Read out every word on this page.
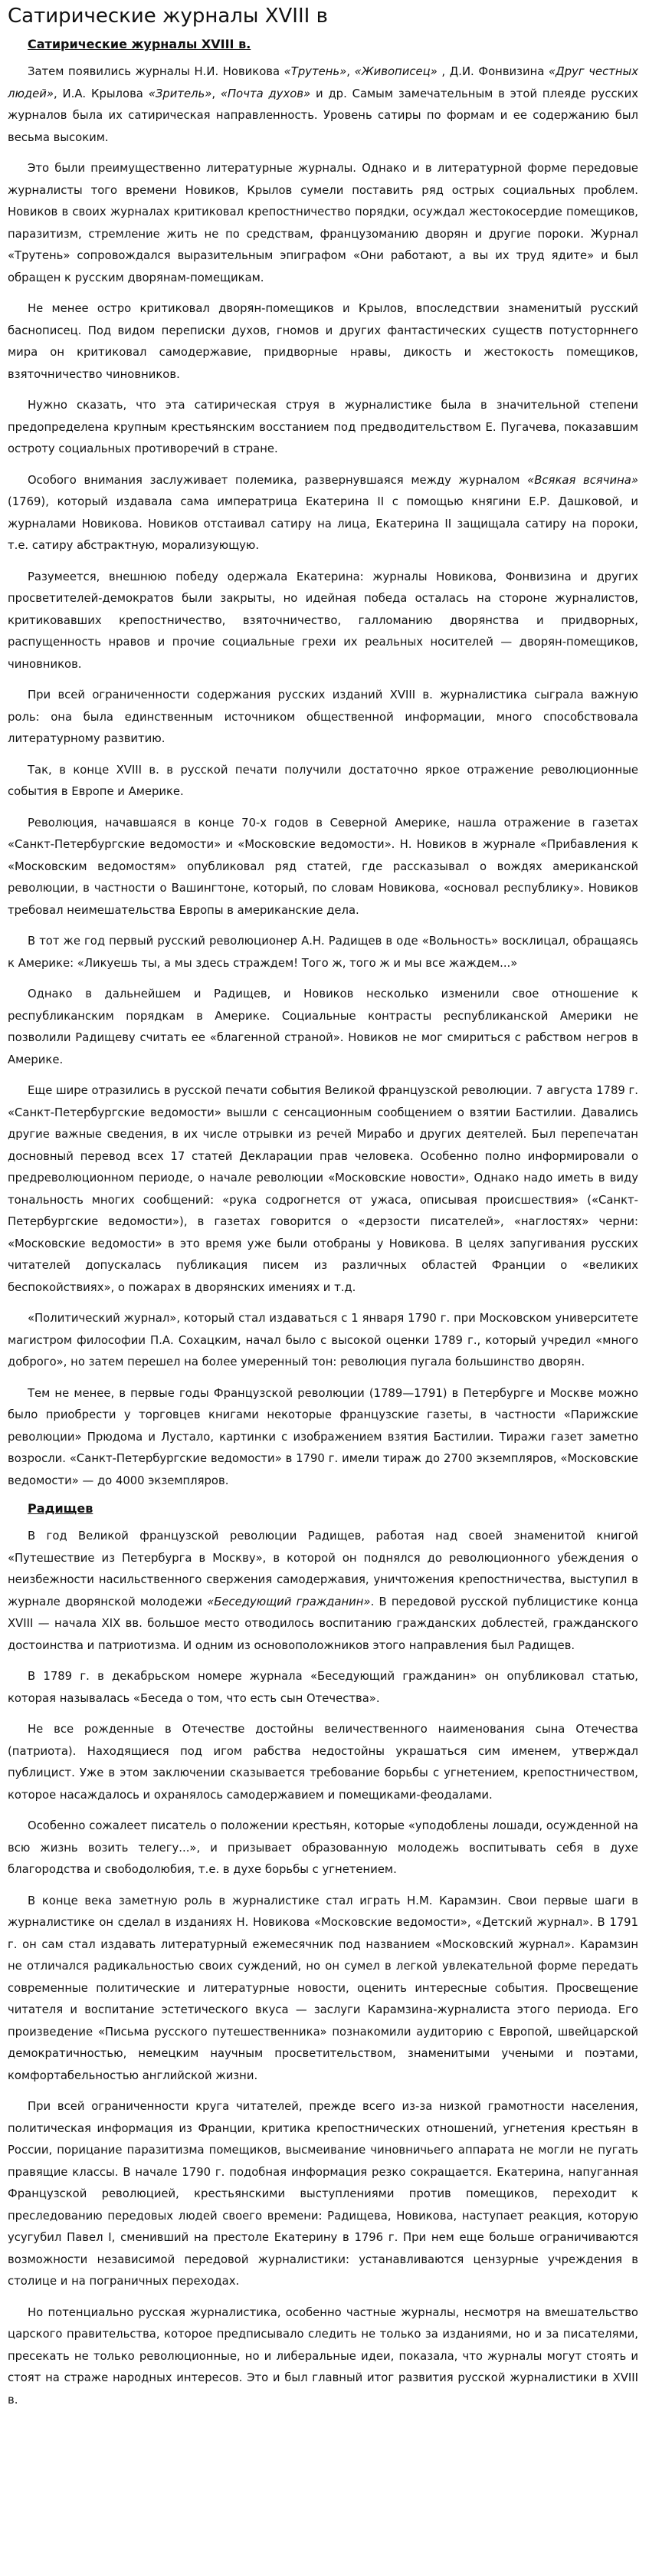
Сатирические журналы XVIII в
Сатирические журналы XVIII в.

Затем появились журналы Н.И. Новикова «Трутень», «Живописец» , Д.И. Фонвизина «Друг честных людей», И.А. Крылова «Зритель», «Почта духов» и др. Самым замечательным в этой плеяде русских журналов была их сатирическая направленность. Уровень сатиры по формам и ее содержанию был весьма высоким.

Это были преимущественно литературные журналы. Однако и в литературной форме передовые журналисты того времени Новиков, Крылов сумели поставить ряд острых социальных проблем. Новиков в своих журналах критиковал крепостничество порядки, осуждал жестокосердие помещиков, паразитизм, стремление жить не по средствам, французоманию дворян и другие пороки. Журнал «Трутень» сопровождался выразительным эпиграфом «Они работают, а вы их труд ядите» и был обращен к русским дворянам-помещикам.

Не менее остро критиковал дворян-помещиков и Крылов, впоследствии знаменитый русский баснописец. Под видом переписки духов, гномов и других фантастических существ потусторннего мира он критиковал самодержавие, придворные нравы, дикость и жестокость помещиков, взяточничество чиновников.

Нужно сказать, что эта сатирическая струя в журналистике была в значительной степени предопределена крупным крестьянским восстанием под предводительством Е. Пугачева, показавшим остроту социальных противоречий в стране.

Особого внимания заслуживает полемика, развернувшаяся между журналом «Всякая всячина» (1769), который издавала сама императрица Екатерина II с помощью княгини Е.Р. Дашковой, и журналами Новикова. Новиков отстаивал сатиру на лица, Екатерина II защищала сатиру на пороки, т.е. сатиру абстрактную, морализующую.

Разумеется, внешнюю победу одержала Екатерина: журналы Новикова, Фонвизина и других просветителей-демократов были закрыты, но идейная победа осталась на стороне журналистов, критиковавших крепостничество, взяточничество, галломанию дворянства и придворных, распущенность нравов и прочие социальные грехи их реальных носителей — дворян-помещиков, чиновников.

При всей ограниченности содержания русских изданий XVIII в. журналистика сыграла важную роль: она была единственным источником общественной информации, много способствовала литературному развитию.

Так, в конце XVIII в. в русской печати получили достаточно яркое отражение революционные события в Европе и Америке.

Революция, начавшаяся в конце 70-х годов в Северной Америке, нашла отражение в газетах «Санкт-Петербургские ведомости» и «Московские ведомости». Н. Новиков в журнале «Прибавления к «Московским ведомостям» опубликовал ряд статей, где рассказывал о вождях американской революции, в частности о Вашингтоне, который, по словам Новикова, «основал республику». Новиков требовал неимешательства Европы в американские дела.

В тот же год первый русский революционер А.Н. Радищев в оде «Вольность» восклицал, обращаясь к Америке: «Ликуешь ты, а мы здесь страждем! Того ж, того ж и мы все жаждем...»

Однако в дальнейшем и Радищев, и Новиков несколько изменили свое отношение к республиканским порядкам в Америке. Социальные контрасты республиканской Америки не позволили Радищеву считать ее «благенной страной». Новиков не мог смириться с рабством негров в Америке.

Еще шире отразились в русской печати события Великой французской революции. 7 августа 1789 г. «Санкт-Петербургские ведомости» вышли с сенсационным сообщением о взятии Бастилии. Давались другие важные сведения, в их числе отрывки из речей Мирабо и других деятелей. Был перепечатан досновный перевод всех 17 статей Декларации прав человека. Особенно полно информировали о предреволюционном периоде, о начале революции «Московские новости», Однако надо иметь в виду тональность многих сообщений: «рука содрогнется от ужаса, описывая происшествия» («Санкт-Петербургские ведомости»), в газетах говорится о «дерзости писателей», «наглостях» черни: «Московские ведомости» в это время уже были отобраны у Новикова. В целях запугивания русских читателей допускалась публикация писем из различных областей Франции о «великих беспокойствиях», о пожарах в дворянских имениях и т.д.

«Политический журнал», который стал издаваться с 1 января 1790 г. при Московском университете магистром философии П.А. Сохацким, начал было с высокой оценки 1789 г., который учредил «много доброго», но затем перешел на более умеренный тон: революция пугала большинство дворян.

Тем не менее, в первые годы Французской революции (1789—1791) в Петербурге и Москве можно было приобрести у торговцев книгами некоторые французские газеты, в частности «Парижские революции» Прюдома и Лустало, картинки с изображением взятия Бастилии. Тиражи газет заметно возросли. «Санкт-Петербургские ведомости» в 1790 г. имели тираж до 2700 экземпляров, «Московские ведомости» — до 4000 экземпляров.

Радищев

В год Великой французской революции Радищев, работая над своей знаменитой книгой «Путешествие из Петербурга в Москву», в которой он поднялся до революционного убеждения о неизбежности насильственного свержения самодержавия, уничтожения крепостничества, выступил в журнале дворянской молодежи «Беседующий гражданин». В передовой русской публицистике конца XVIII — начала XIX вв. большое место отводилось воспитанию гражданских доблестей, гражданского достоинства и патриотизма. И одним из основоположников этого направления был Радищев.

В 1789 г. в декабрьском номере журнала «Беседующий гражданин» он опубликовал статью, которая называлась «Беседа о том, что есть сын Отечества».

Не все рожденные в Отечестве достойны величественного наименования сына Отечества (патриота). Находящиеся под игом рабства недостойны украшаться сим именем, утверждал публицист. Уже в этом заключении сказывается требование борьбы с угнетением, крепостничеством, которое насаждалось и охранялось самодержавием и помещиками-феодалами.

Особенно сожалеет писатель о положении крестьян, которые «уподоблены лошади, осужденной на всю жизнь возить телегу...», и призывает образованную молодежь воспитывать себя в духе благородства и свободолюбия, т.е. в духе борьбы с угнетением.

В конце века заметную роль в журналистике стал играть Н.М. Карамзин. Свои первые шаги в журналистике он сделал в изданиях Н. Новикова «Московские ведомости», «Детский журнал». В 1791 г. он сам стал издавать литературный ежемесячник под названием «Московский журнал». Карамзин не отличался радикальностью своих суждений, но он сумел в легкой увлекательной форме передать современные политические и литературные новости, оценить интересные события. Просвещение читателя и воспитание эстетического вкуса — заслуги Карамзина-журналиста этого периода. Его произведение «Письма русского путешественника» познакомили аудиторию с Европой, швейцарской демократичностью, немецким научным просветительством, знаменитыми учеными и поэтами, комфортабельностью английской жизни.

При всей ограниченности круга читателей, прежде всего из-за низкой грамотности населения, политическая информация из Франции, критика крепостнических отношений, угнетения крестьян в России, порицание паразитизма помещиков, высмеивание чиновничьего аппарата не могли не пугать правящие классы. В начале 1790 г. подобная информация резко сокращается. Екатерина, напуганная Французской революцией, крестьянскими выступлениями против помещиков, переходит к преследованию передовых людей своего времени: Радищева, Новикова, наступает реакция, которую усугубил Павел I, сменивший на престоле Екатерину в 1796 г. При нем еще больше ограничиваются возможности независимой передовой журналистики: устанавливаются цензурные учреждения в столице и на пограничных переходах.

Но потенциально русская журналистика, особенно частные журналы, несмотря на вмешательство царского правительства, которое предписывало следить не только за изданиями, но и за писателями, пресекать не только революционные, но и либеральные идеи, показала, что журналы могут стоять и стоят на страже народных интересов. Это и был главный итог развития русской журналистики в XVIII в.
